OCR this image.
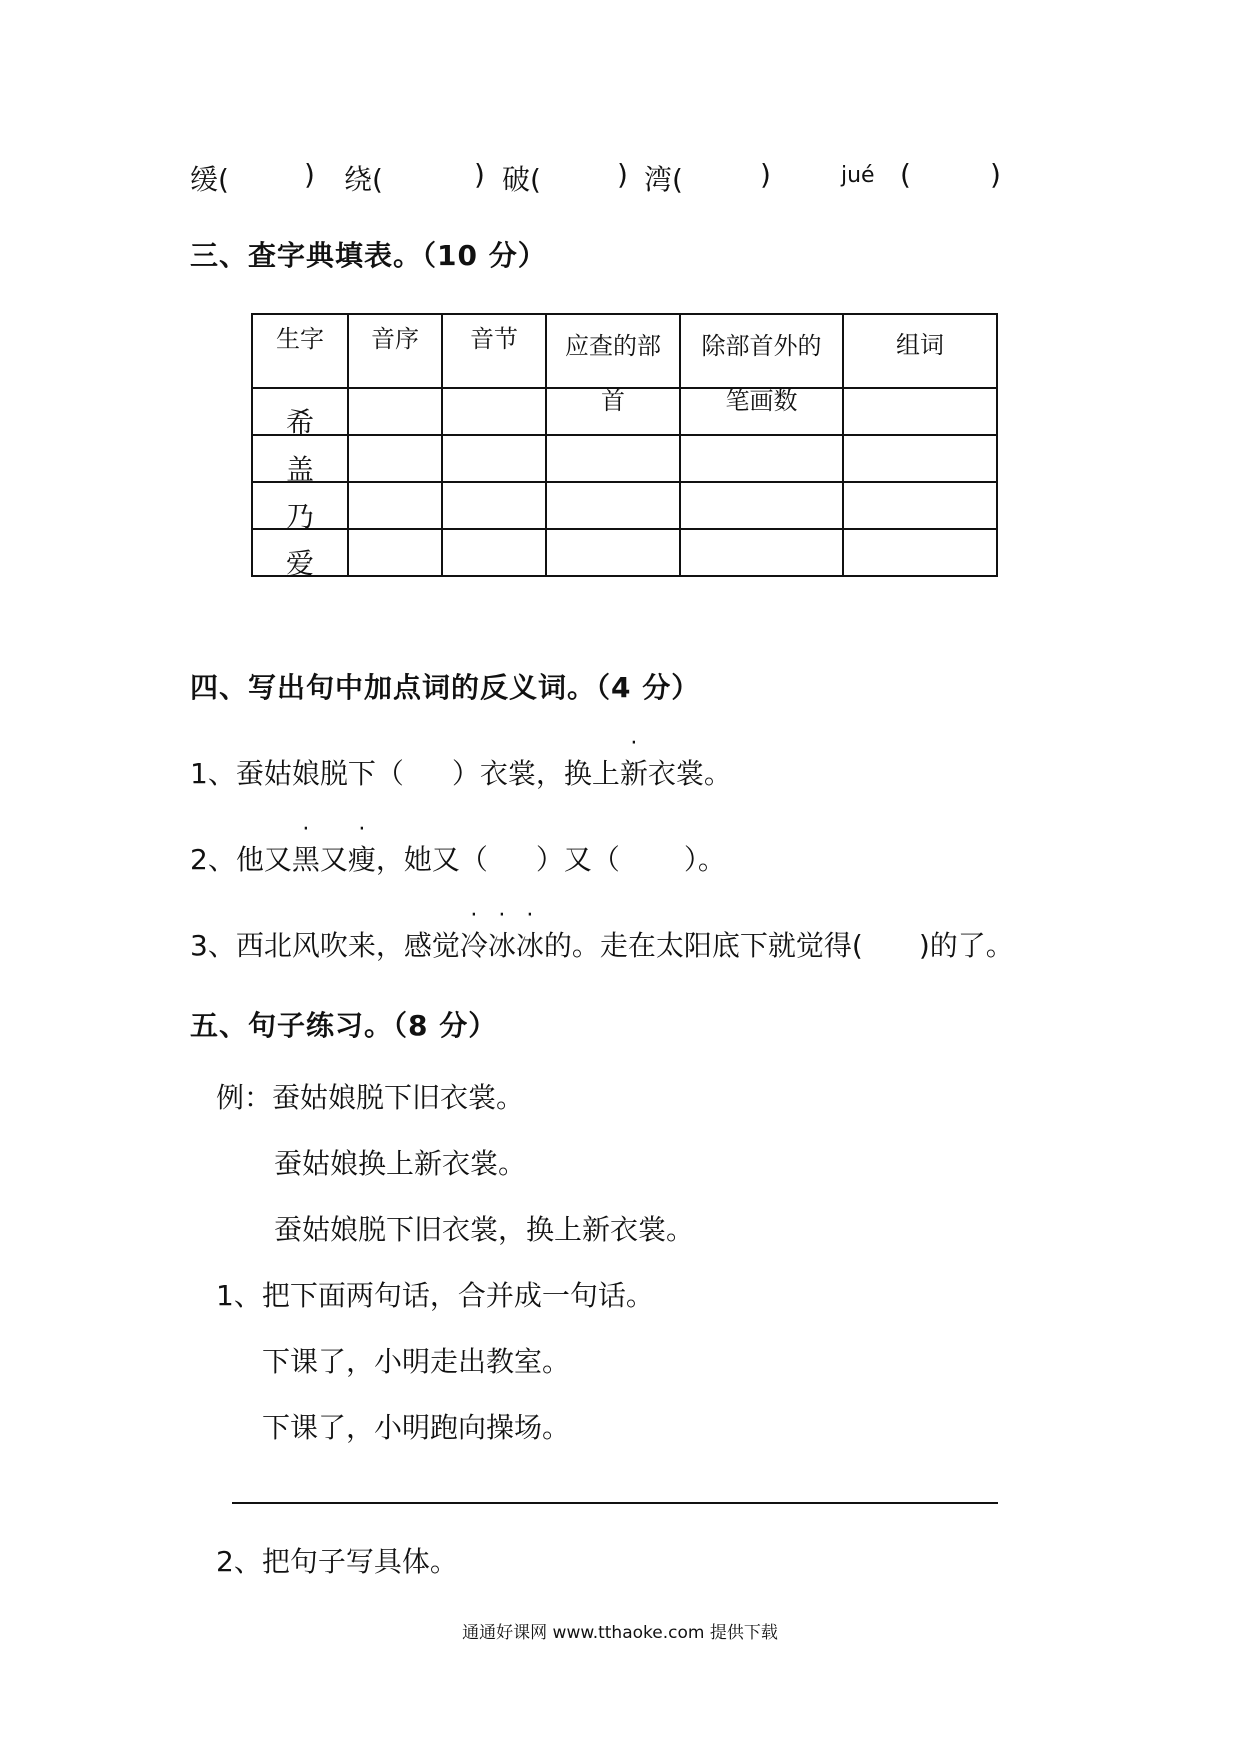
缓(	) 绕(	) 破(	) 湾(	)	jué (	)
三、查字典填表。（10 分）
生字	音序	音节	应查的部首	除部首外的笔画数	组词

希					

盖					

乃					

爱					

四、写出句中加点词的反义词。（4 分）
1、蚕姑娘脱下（ ）衣裳，换上新衣裳。
2、他又黑又瘦，她又（ ）又（ ）。
3、西北风吹来，感觉冷冰冰的。走在太阳底下就觉得( )的了。
五、句子练习。（8 分）
例：蚕姑娘脱下旧衣裳。
蚕姑娘换上新衣裳。
蚕姑娘脱下旧衣裳，换上新衣裳。
1、把下面两句话，合并成一句话。
下课了，小明走出教室。
下课了，小明跑向操场。
2、把句子写具体。
通通好课网 www.tthaoke.com 提供下载
